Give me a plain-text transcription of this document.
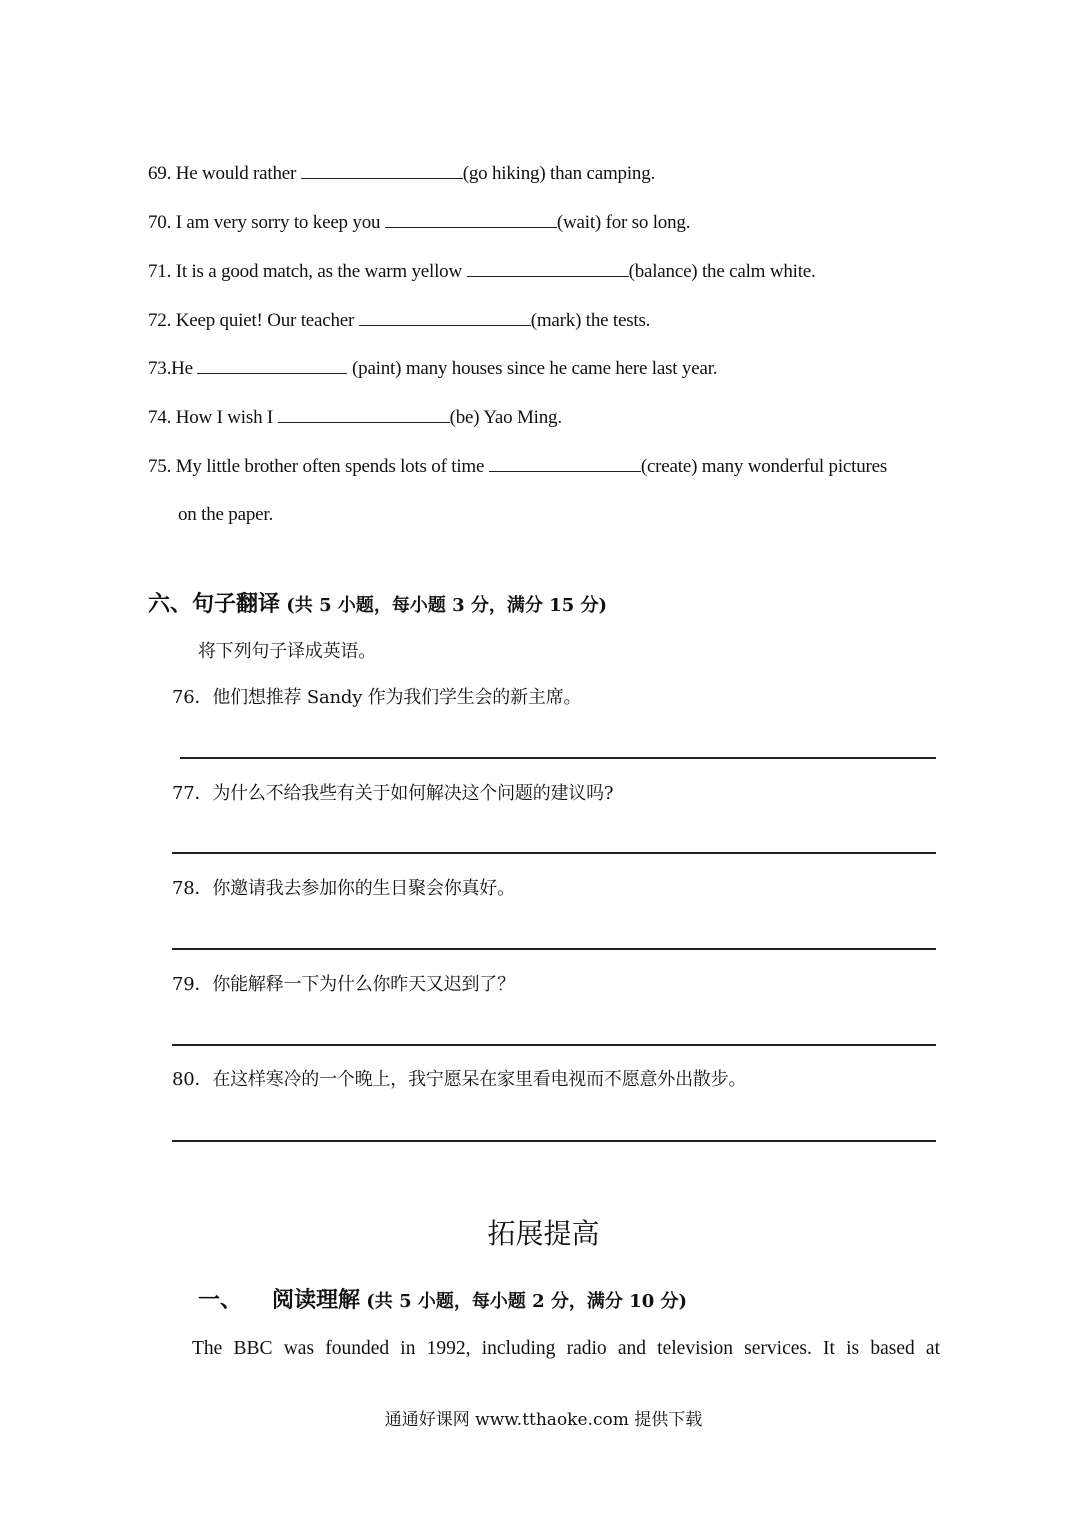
69. He would rather	(go hiking) than camping.
70. I am very sorry to keep you	(wait) for so long.
71. It is a good match, as the warm yellow	(balance) the calm white.
72. Keep quiet! Our teacher	(mark) the tests.
73.He	(paint) many houses since he came here last year.
74. How I wish I	(be) Yao Ming.
75. My little brother often spends lots of time	(create) many wonderful pictures
on the paper.
六、句子翻译 (共 5 小题，每小题 3 分，满分 15 分)
将下列句子译成英语。
76．他们想推荐 Sandy 作为我们学生会的新主席。
77．为什么不给我些有关于如何解决这个问题的建议吗?
78．你邀请我去参加你的生日聚会你真好。
79．你能解释一下为什么你昨天又迟到了？
80．在这样寒冷的一个晚上，我宁愿呆在家里看电视而不愿意外出散步。
拓展提高
一、 阅读理解 (共 5 小题，每小题 2 分，满分 10 分)
The BBC was founded in 1992, including radio and television services. It is based at
通通好课网 www.tthaoke.com 提供下载
